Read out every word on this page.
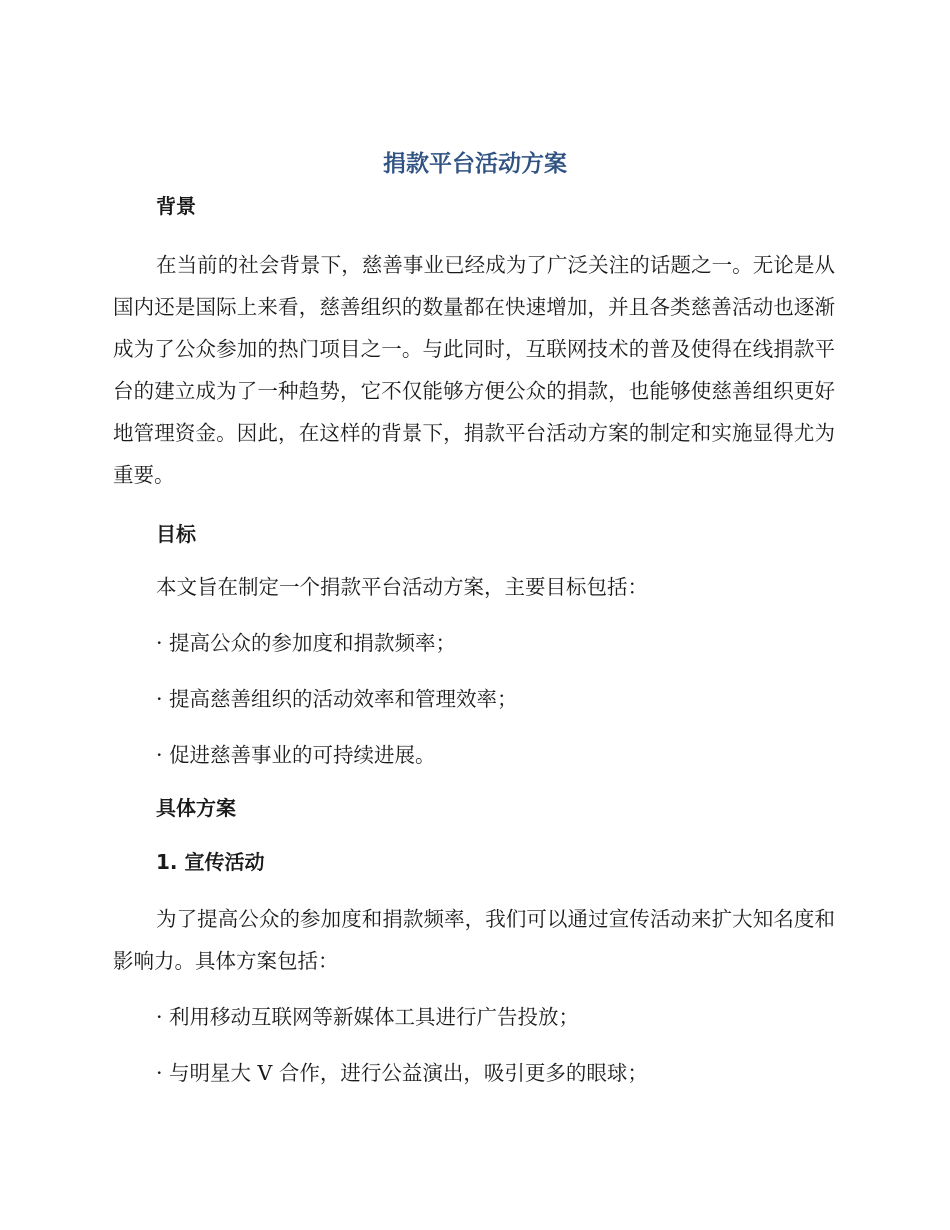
捐款平台活动方案
背景
在当前的社会背景下，慈善事业已经成为了广泛关注的话题之一。无论是从国内还是国际上来看，慈善组织的数量都在快速增加，并且各类慈善活动也逐渐成为了公众参加的热门项目之一。与此同时，互联网技术的普及使得在线捐款平台的建立成为了一种趋势，它不仅能够方便公众的捐款，也能够使慈善组织更好地管理资金。因此，在这样的背景下，捐款平台活动方案的制定和实施显得尤为重要。
目标
本文旨在制定一个捐款平台活动方案，主要目标包括：
· 提高公众的参加度和捐款频率；
· 提高慈善组织的活动效率和管理效率；
· 促进慈善事业的可持续进展。
具体方案
1. 宣传活动
为了提高公众的参加度和捐款频率，我们可以通过宣传活动来扩大知名度和影响力。具体方案包括：
· 利用移动互联网等新媒体工具进行广告投放；
· 与明星大 V 合作，进行公益演出，吸引更多的眼球；
